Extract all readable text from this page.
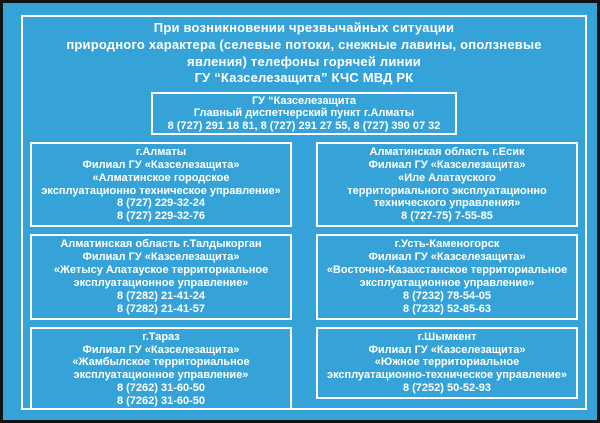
При возникновении чрезвычайных ситуации
природного характера (селевые потоки, снежные лавины, оползневые
явления) телефоны горячей линии
ГУ “Казселезащита” КЧС МВД РК
ГУ “Казселезащита
Главный диспетчерский пункт г.Алматы
8 (727) 291 18 81, 8 (727) 291 27 55, 8 (727) 390 07 32
г.Алматы
Филиал ГУ «Казселезащита»
«Алматинское городское
эксплуатационно техническое управление»
8 (727) 229-32-24
8 (727) 229-32-76
Алматинская область г.Талдыкорган
Филиал ГУ «Казселезащита»
«Жетысу Алатауское территориальное
эксплуатационное управление»
8 (7282) 21-41-24
8 (7282) 21-41-57
г.Тараз
Филиал ГУ «Казселезащита»
«Жамбылское территориальное
эксплуатационное управление»
8 (7262) 31-60-50
8 (7262) 31-60-50
Алматинская область г.Есик
Филиал ГУ «Казселезащита»
«Иле Алатауского
территориального эксплуатационно
технического управления»
8 (727-75) 7-55-85
г.Усть-Каменогорск
Филиал ГУ «Казселезащита»
«Восточно-Казахстанское территориальное
эксплуатационное управление»
8 (7232) 78-54-05
8 (7232) 52-85-63
г.Шымкент
Филиал ГУ «Казселезащита»
«Южное территориальное
эксплуатационно-техническое управление»
8 (7252) 50-52-93
